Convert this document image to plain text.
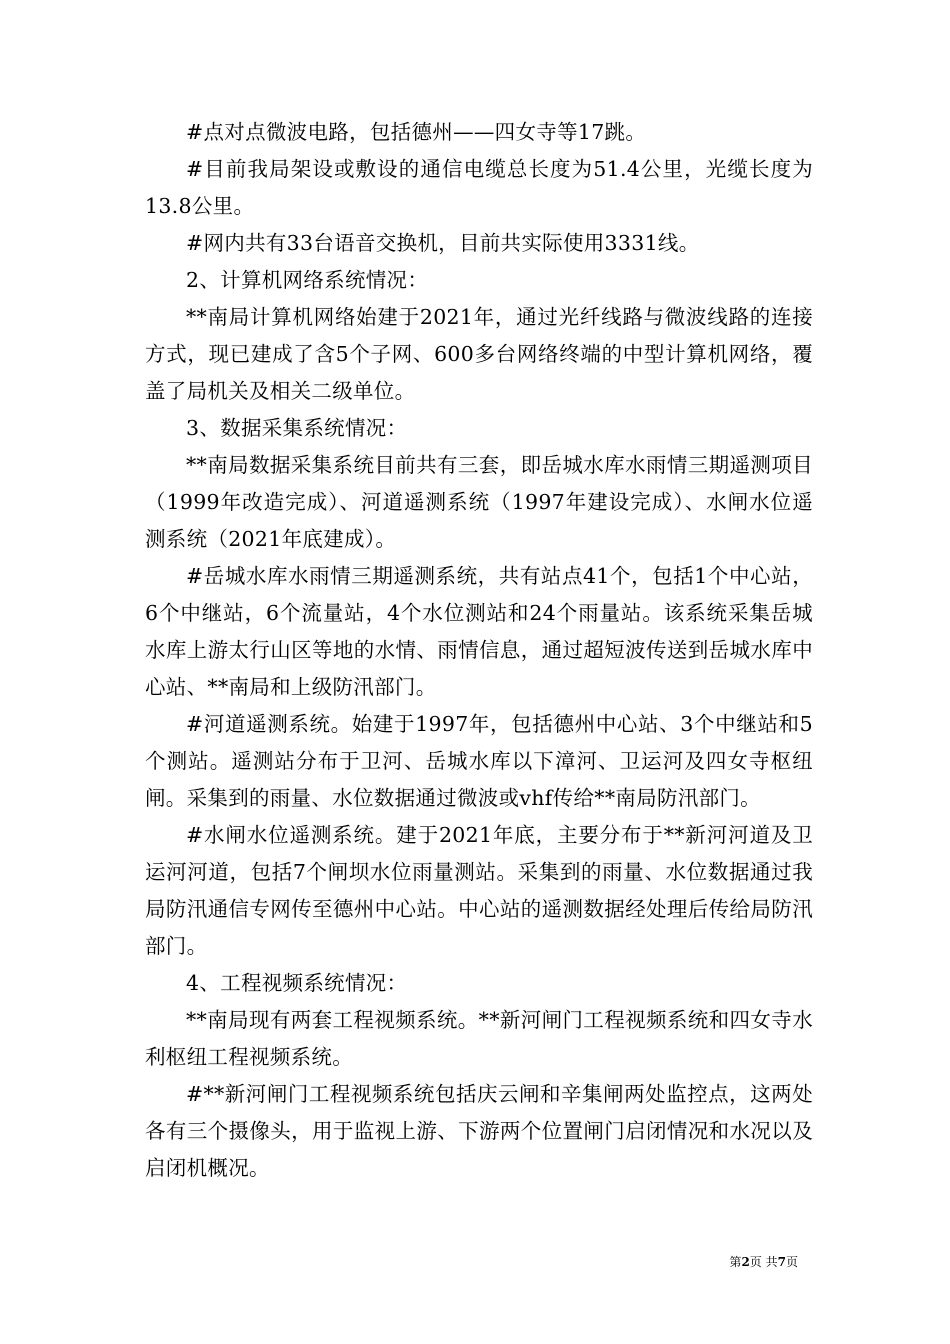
#点对点微波电路，包括德州——四女寺等17跳。

#目前我局架设或敷设的通信电缆总长度为51.4公里，光缆长度为13.8公里。

#网内共有33台语音交换机，目前共实际使用3331线。

2、计算机网络系统情况：

**南局计算机网络始建于2021年，通过光纤线路与微波线路的连接方式，现已建成了含5个子网、600多台网络终端的中型计算机网络，覆盖了局机关及相关二级单位。

3、数据采集系统情况：

**南局数据采集系统目前共有三套，即岳城水库水雨情三期遥测项目（1999年改造完成）、河道遥测系统（1997年建设完成）、水闸水位遥测系统（2021年底建成）。

#岳城水库水雨情三期遥测系统，共有站点41个，包括1个中心站，6个中继站，6个流量站，4个水位测站和24个雨量站。该系统采集岳城水库上游太行山区等地的水情、雨情信息，通过超短波传送到岳城水库中心站、**南局和上级防汛部门。

#河道遥测系统。始建于1997年，包括德州中心站、3个中继站和5个测站。遥测站分布于卫河、岳城水库以下漳河、卫运河及四女寺枢纽闸。采集到的雨量、水位数据通过微波或vhf传给**南局防汛部门。

#水闸水位遥测系统。建于2021年底，主要分布于**新河河道及卫运河河道，包括7个闸坝水位雨量测站。采集到的雨量、水位数据通过我局防汛通信专网传至德州中心站。中心站的遥测数据经处理后传给局防汛部门。

4、工程视频系统情况：

**南局现有两套工程视频系统。**新河闸门工程视频系统和四女寺水利枢纽工程视频系统。

#**新河闸门工程视频系统包括庆云闸和辛集闸两处监控点，这两处各有三个摄像头，用于监视上游、下游两个位置闸门启闭情况和水况以及启闭机概况。

第2页 共7页
